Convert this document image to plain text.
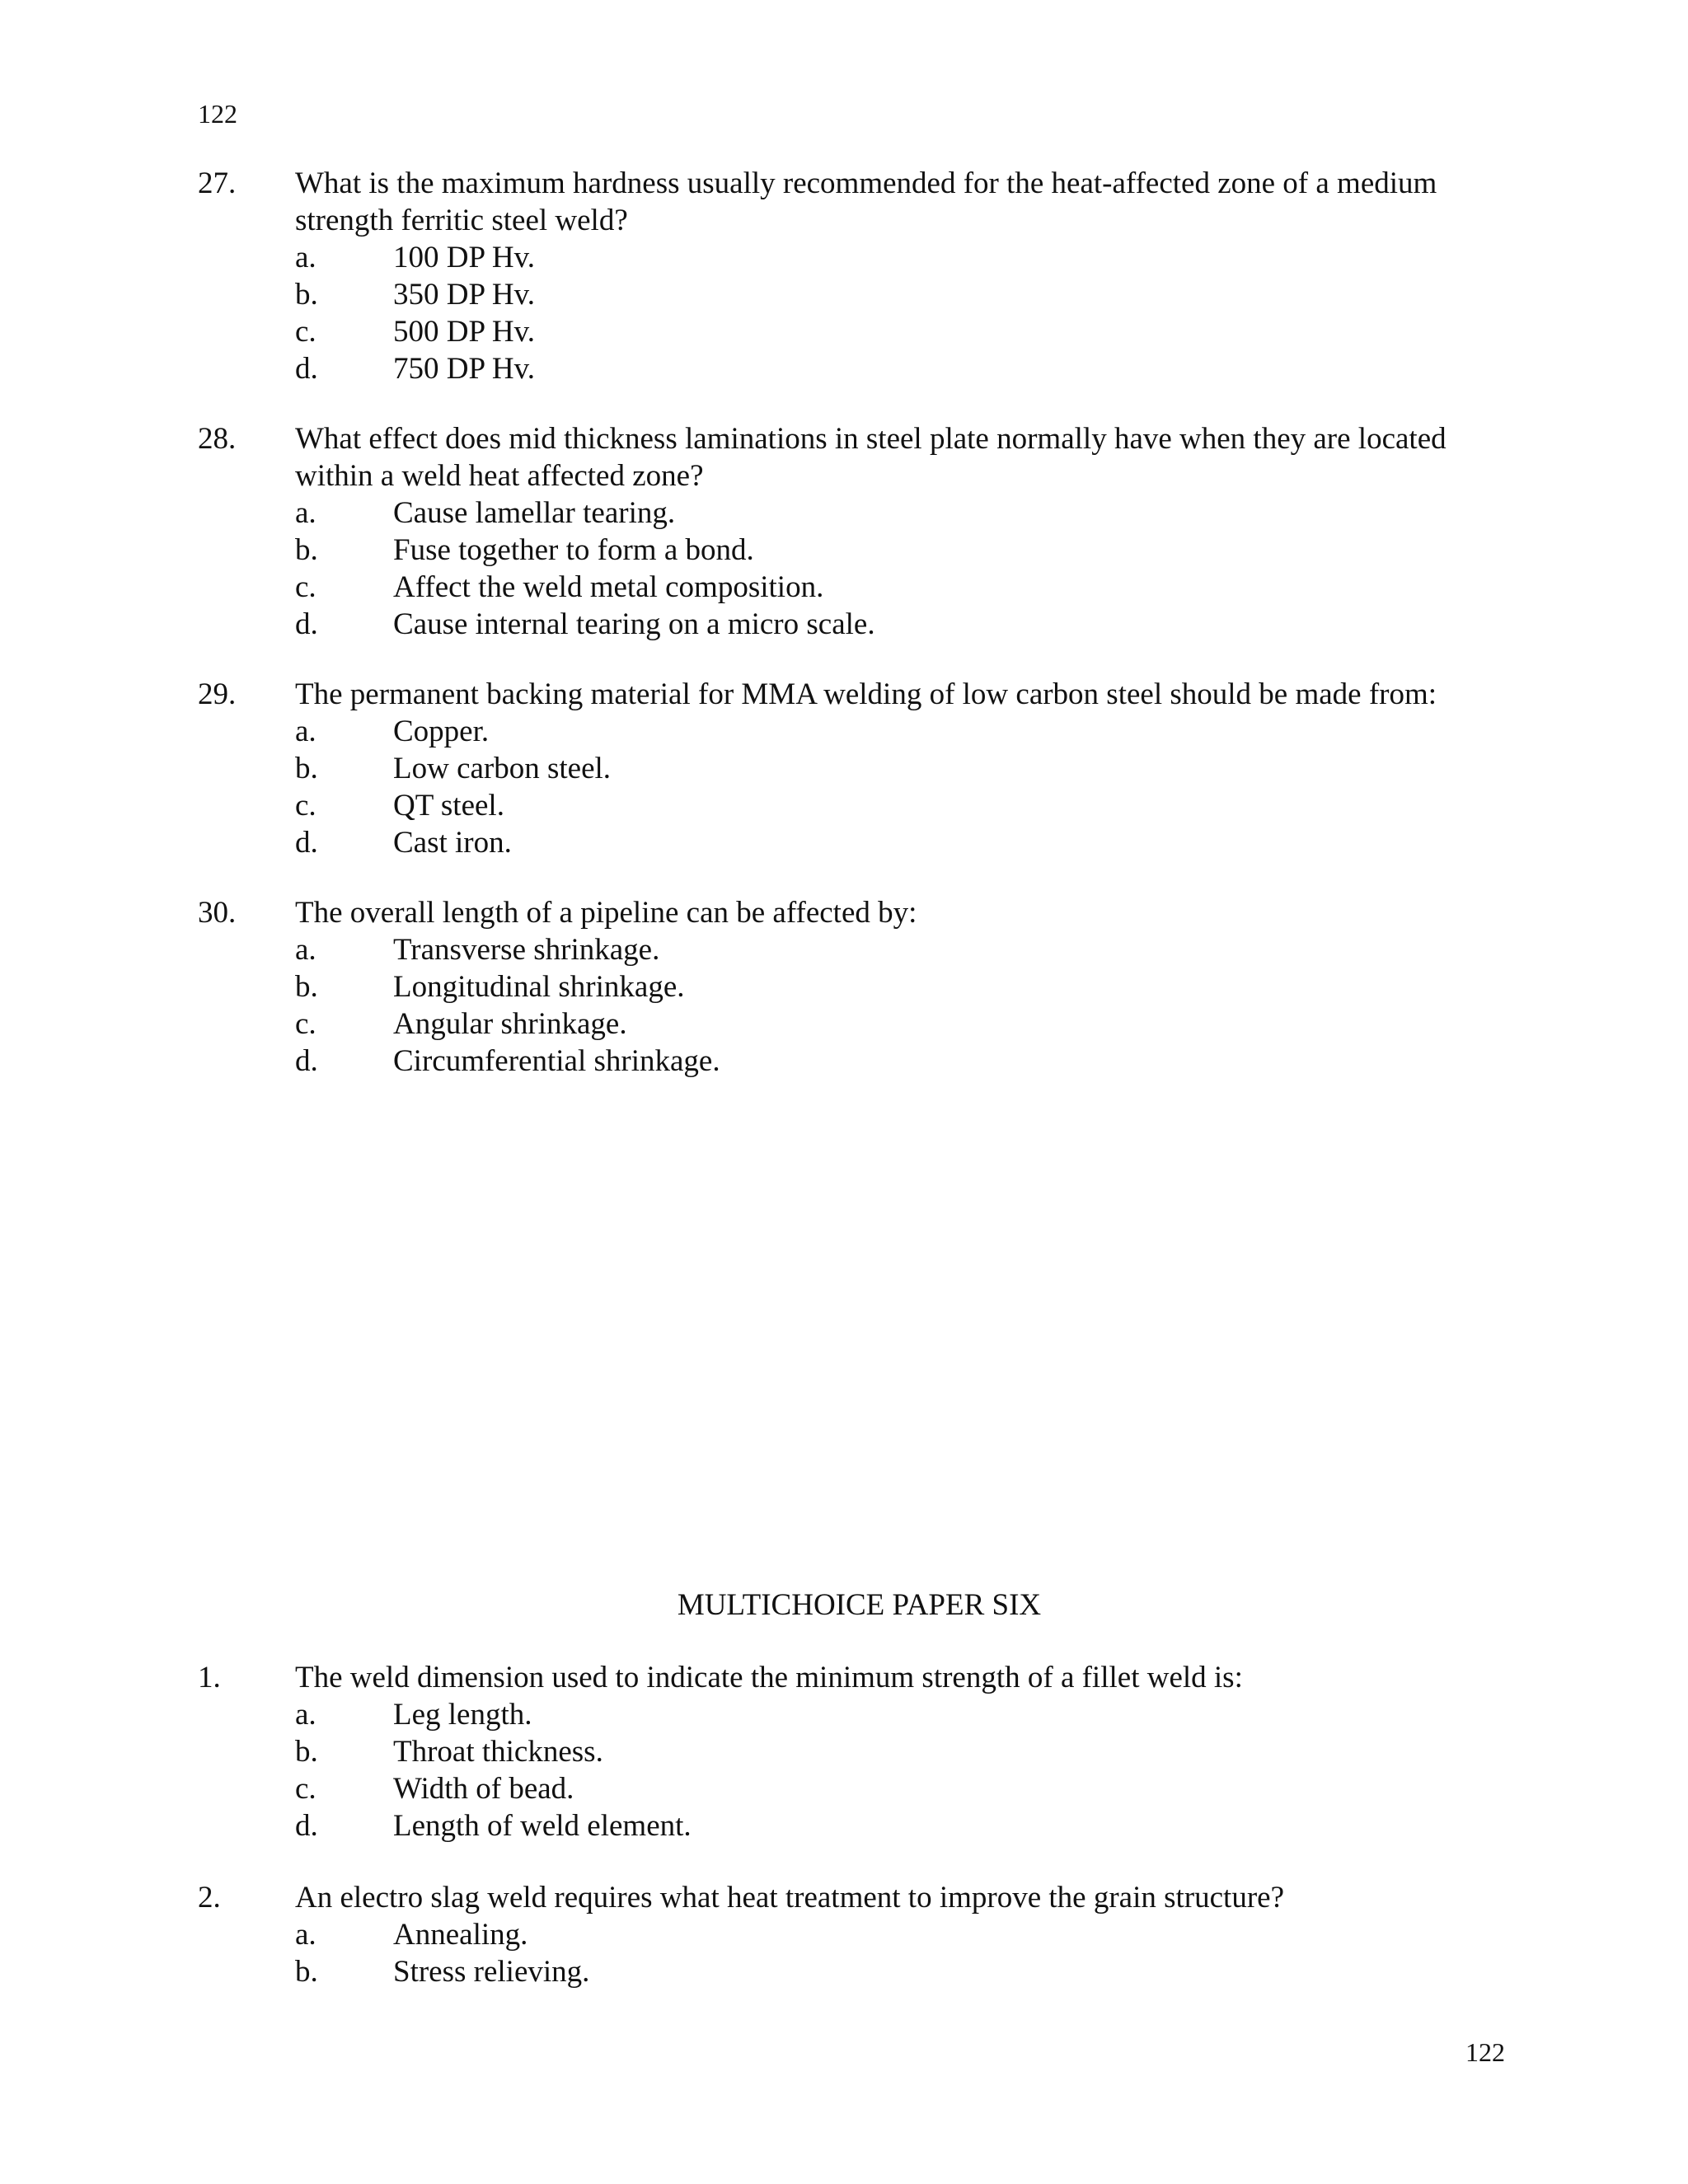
122
27. What is the maximum hardness usually recommended for the heat-affected zone of a medium strength ferritic steel weld?
a.	100 DP Hv.
b. 350 DP Hv.
c.	500 DP Hv.
d. 750 DP Hv.
28. What effect does mid thickness laminations in steel plate normally have when they are located within a weld heat affected zone?
a.	Cause lamellar tearing.
b. Fuse together to form a bond.
c.	Affect the weld metal composition.
d. Cause internal tearing on a micro scale.
29. The permanent backing material for MMA welding of low carbon steel should be made from:
a.	Copper.
b. Low carbon steel.
c.	QT steel.
d. Cast iron.
30. The overall length of a pipeline can be affected by:
a.	Transverse shrinkage.
b. Longitudinal shrinkage.
c.	Angular shrinkage.
d. Circumferential shrinkage.
MULTICHOICE PAPER SIX
1. The weld dimension used to indicate the minimum strength of a fillet weld is:
a.	Leg length.
b. Throat thickness.
c.	Width of bead.
d. Length of weld element.
2. An electro slag weld requires what heat treatment to improve the grain structure?
a.	Annealing.
b. Stress relieving.
122
